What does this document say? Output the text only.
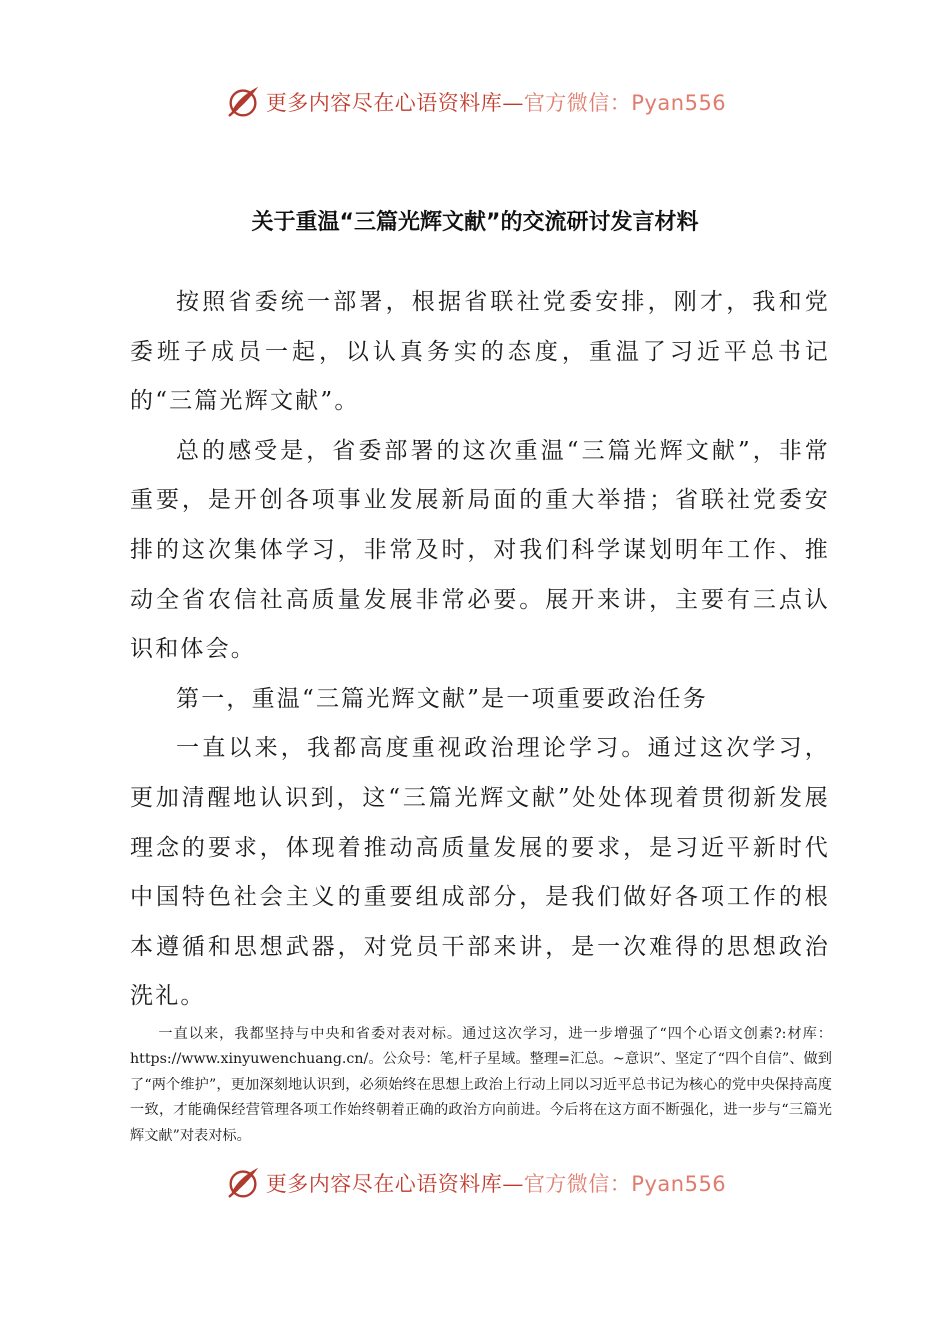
更多内容尽在心语资料库—官方微信：Pyan556
关于重温“三篇光辉文献”的交流研讨发言材料

按照省委统一部署，根据省联社党委安排，刚才，我和党委班子成员一起，以认真务实的态度，重温了习近平总书记的“三篇光辉文献”。

总的感受是，省委部署的这次重温“三篇光辉文献”，非常重要，是开创各项事业发展新局面的重大举措；省联社党委安排的这次集体学习，非常及时，对我们科学谋划明年工作、推动全省农信社高质量发展非常必要。展开来讲，主要有三点认识和体会。

第一，重温“三篇光辉文献”是一项重要政治任务

一直以来，我都高度重视政治理论学习。通过这次学习，更加清醒地认识到，这“三篇光辉文献”处处体现着贯彻新发展理念的要求，体现着推动高质量发展的要求，是习近平新时代中国特色社会主义的重要组成部分，是我们做好各项工作的根本遵循和思想武器，对党员干部来讲，是一次难得的思想政治洗礼。

一直以来，我都坚持与中央和省委对表对标。通过这次学习，进一步增强了“四个心语文创素?:材库：https://www.xinyuwenchuang.cn/。公众号：笔,杆子星域。整理=汇总。~意识”、坚定了“四个自信”、做到了“两个维护”，更加深刻地认识到，必须始终在思想上政治上行动上同以习近平总书记为核心的党中央保持高度一致，才能确保经营管理各项工作始终朝着正确的政治方向前进。今后将在这方面不断强化，进一步与“三篇光辉文献”对表对标。
更多内容尽在心语资料库—官方微信：Pyan556
